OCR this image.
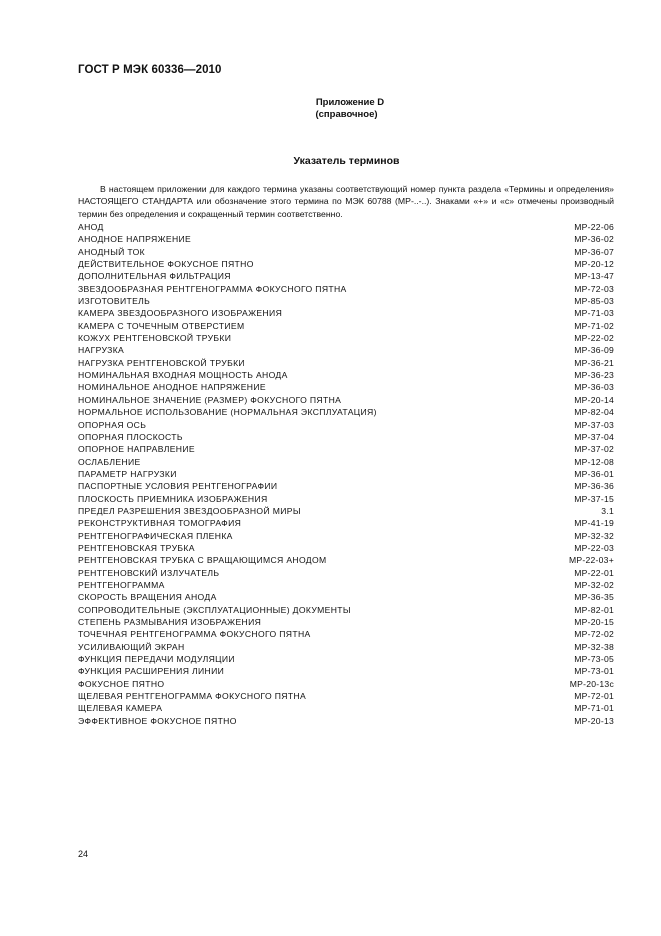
ГОСТ Р МЭК 60336—2010
Приложение D
(справочное)
Указатель терминов

В настоящем приложении для каждого термина указаны соответствующий номер пункта раздела «Термины и определения» НАСТОЯЩЕГО СТАНДАРТА или обозначение этого термина по МЭК 60788 (МР-..-..). Знаками «+» и «с» отмечены производный термин без определения и сокращенный термин соответственно.

АНОД	МР-22-06
АНОДНОЕ НАПРЯЖЕНИЕ	МР-36-02
АНОДНЫЙ ТОК	МР-36-07
ДЕЙСТВИТЕЛЬНОЕ ФОКУСНОЕ ПЯТНО	МР-20-12
ДОПОЛНИТЕЛЬНАЯ ФИЛЬТРАЦИЯ	МР-13-47
ЗВЕЗДООБРАЗНАЯ РЕНТГЕНОГРАММА ФОКУСНОГО ПЯТНА	МР-72-03
ИЗГОТОВИТЕЛЬ	МР-85-03
КАМЕРА ЗВЕЗДООБРАЗНОГО ИЗОБРАЖЕНИЯ	МР-71-03
КАМЕРА С ТОЧЕЧНЫМ ОТВЕРСТИЕМ	МР-71-02
КОЖУХ РЕНТГЕНОВСКОЙ ТРУБКИ	МР-22-02
НАГРУЗКА	МР-36-09
НАГРУЗКА РЕНТГЕНОВСКОЙ ТРУБКИ	МР-36-21
НОМИНАЛЬНАЯ ВХОДНАЯ МОЩНОСТЬ АНОДА	МР-36-23
НОМИНАЛЬНОЕ АНОДНОЕ НАПРЯЖЕНИЕ	МР-36-03
НОМИНАЛЬНОЕ ЗНАЧЕНИЕ (РАЗМЕР) ФОКУСНОГО ПЯТНА	МР-20-14
НОРМАЛЬНОЕ ИСПОЛЬЗОВАНИЕ (НОРМАЛЬНАЯ ЭКСПЛУАТАЦИЯ)	МР-82-04
ОПОРНАЯ ОСЬ	МР-37-03
ОПОРНАЯ ПЛОСКОСТЬ	МР-37-04
ОПОРНОЕ НАПРАВЛЕНИЕ	МР-37-02
ОСЛАБЛЕНИЕ	МР-12-08
ПАРАМЕТР НАГРУЗКИ	МР-36-01
ПАСПОРТНЫЕ УСЛОВИЯ РЕНТГЕНОГРАФИИ	МР-36-36
ПЛОСКОСТЬ ПРИЕМНИКА ИЗОБРАЖЕНИЯ	МР-37-15
ПРЕДЕЛ РАЗРЕШЕНИЯ ЗВЕЗДООБРАЗНОЙ МИРЫ	3.1
РЕКОНСТРУКТИВНАЯ ТОМОГРАФИЯ	МР-41-19
РЕНТГЕНОГРАФИЧЕСКАЯ ПЛЕНКА	МР-32-32
РЕНТГЕНОВСКАЯ ТРУБКА	МР-22-03
РЕНТГЕНОВСКАЯ ТРУБКА С ВРАЩАЮЩИМСЯ АНОДОМ	МР-22-03+
РЕНТГЕНОВСКИЙ ИЗЛУЧАТЕЛЬ	МР-22-01
РЕНТГЕНОГРАММА	МР-32-02
СКОРОСТЬ ВРАЩЕНИЯ АНОДА	МР-36-35
СОПРОВОДИТЕЛЬНЫЕ (ЭКСПЛУАТАЦИОННЫЕ) ДОКУМЕНТЫ	МР-82-01
СТЕПЕНЬ РАЗМЫВАНИЯ ИЗОБРАЖЕНИЯ	МР-20-15
ТОЧЕЧНАЯ РЕНТГЕНОГРАММА ФОКУСНОГО ПЯТНА	МР-72-02
УСИЛИВАЮЩИЙ ЭКРАН	МР-32-38
ФУНКЦИЯ ПЕРЕДАЧИ МОДУЛЯЦИИ	МР-73-05
ФУНКЦИЯ РАСШИРЕНИЯ ЛИНИИ	МР-73-01
ФОКУСНОЕ ПЯТНО	МР-20-13с
ЩЕЛЕВАЯ РЕНТГЕНОГРАММА ФОКУСНОГО ПЯТНА	МР-72-01
ЩЕЛЕВАЯ КАМЕРА	МР-71-01
ЭФФЕКТИВНОЕ ФОКУСНОЕ ПЯТНО	МР-20-13
24
